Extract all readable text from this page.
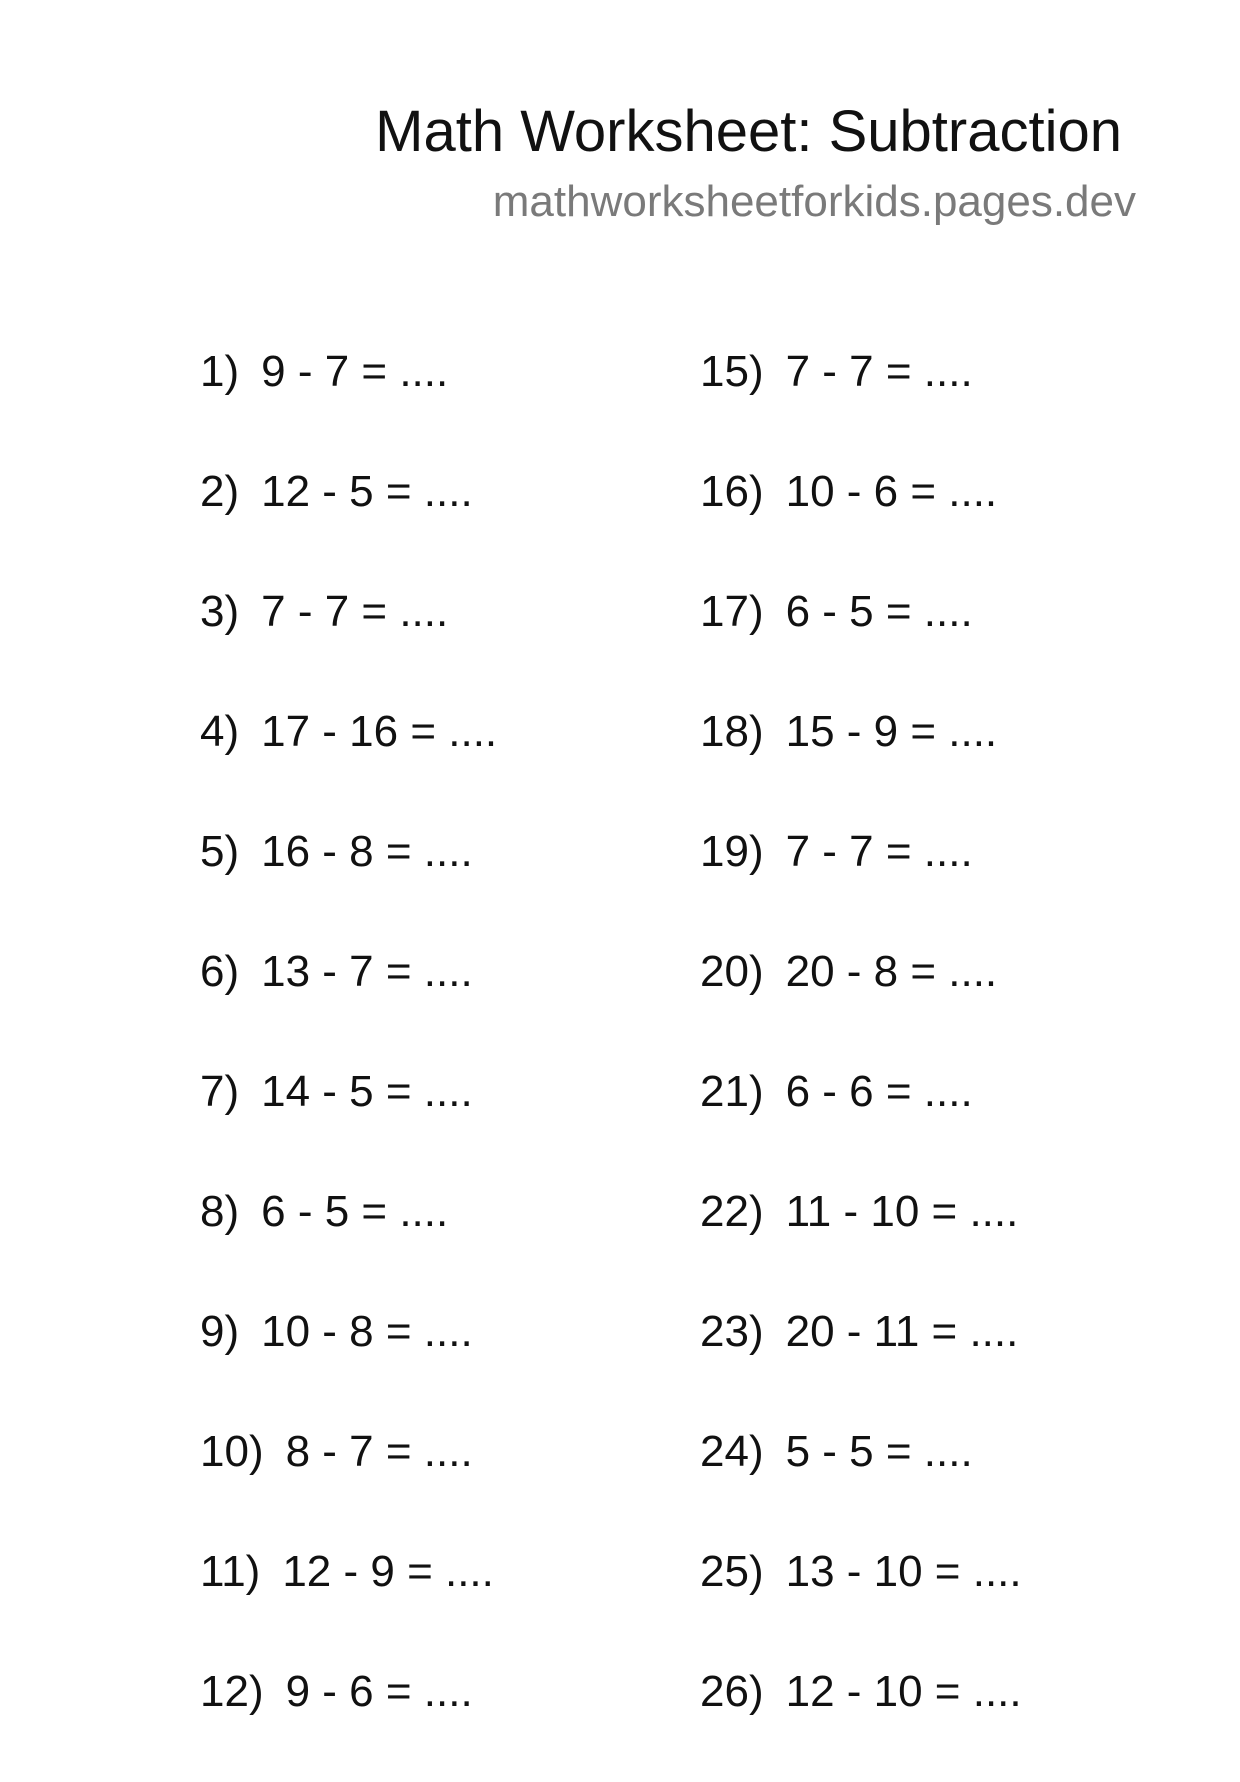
Math Worksheet: Subtraction

mathworksheetforkids.pages.dev

1) 9 - 7 = ....
2) 12 - 5 = ....
3) 7 - 7 = ....
4) 17 - 16 = ....
5) 16 - 8 = ....
6) 13 - 7 = ....
7) 14 - 5 = ....
8) 6 - 5 = ....
9) 10 - 8 = ....
10) 8 - 7 = ....
11) 12 - 9 = ....
12) 9 - 6 = ....
15) 7 - 7 = ....
16) 10 - 6 = ....
17) 6 - 5 = ....
18) 15 - 9 = ....
19) 7 - 7 = ....
20) 20 - 8 = ....
21) 6 - 6 = ....
22) 11 - 10 = ....
23) 20 - 11 = ....
24) 5 - 5 = ....
25) 13 - 10 = ....
26) 12 - 10 = ....
